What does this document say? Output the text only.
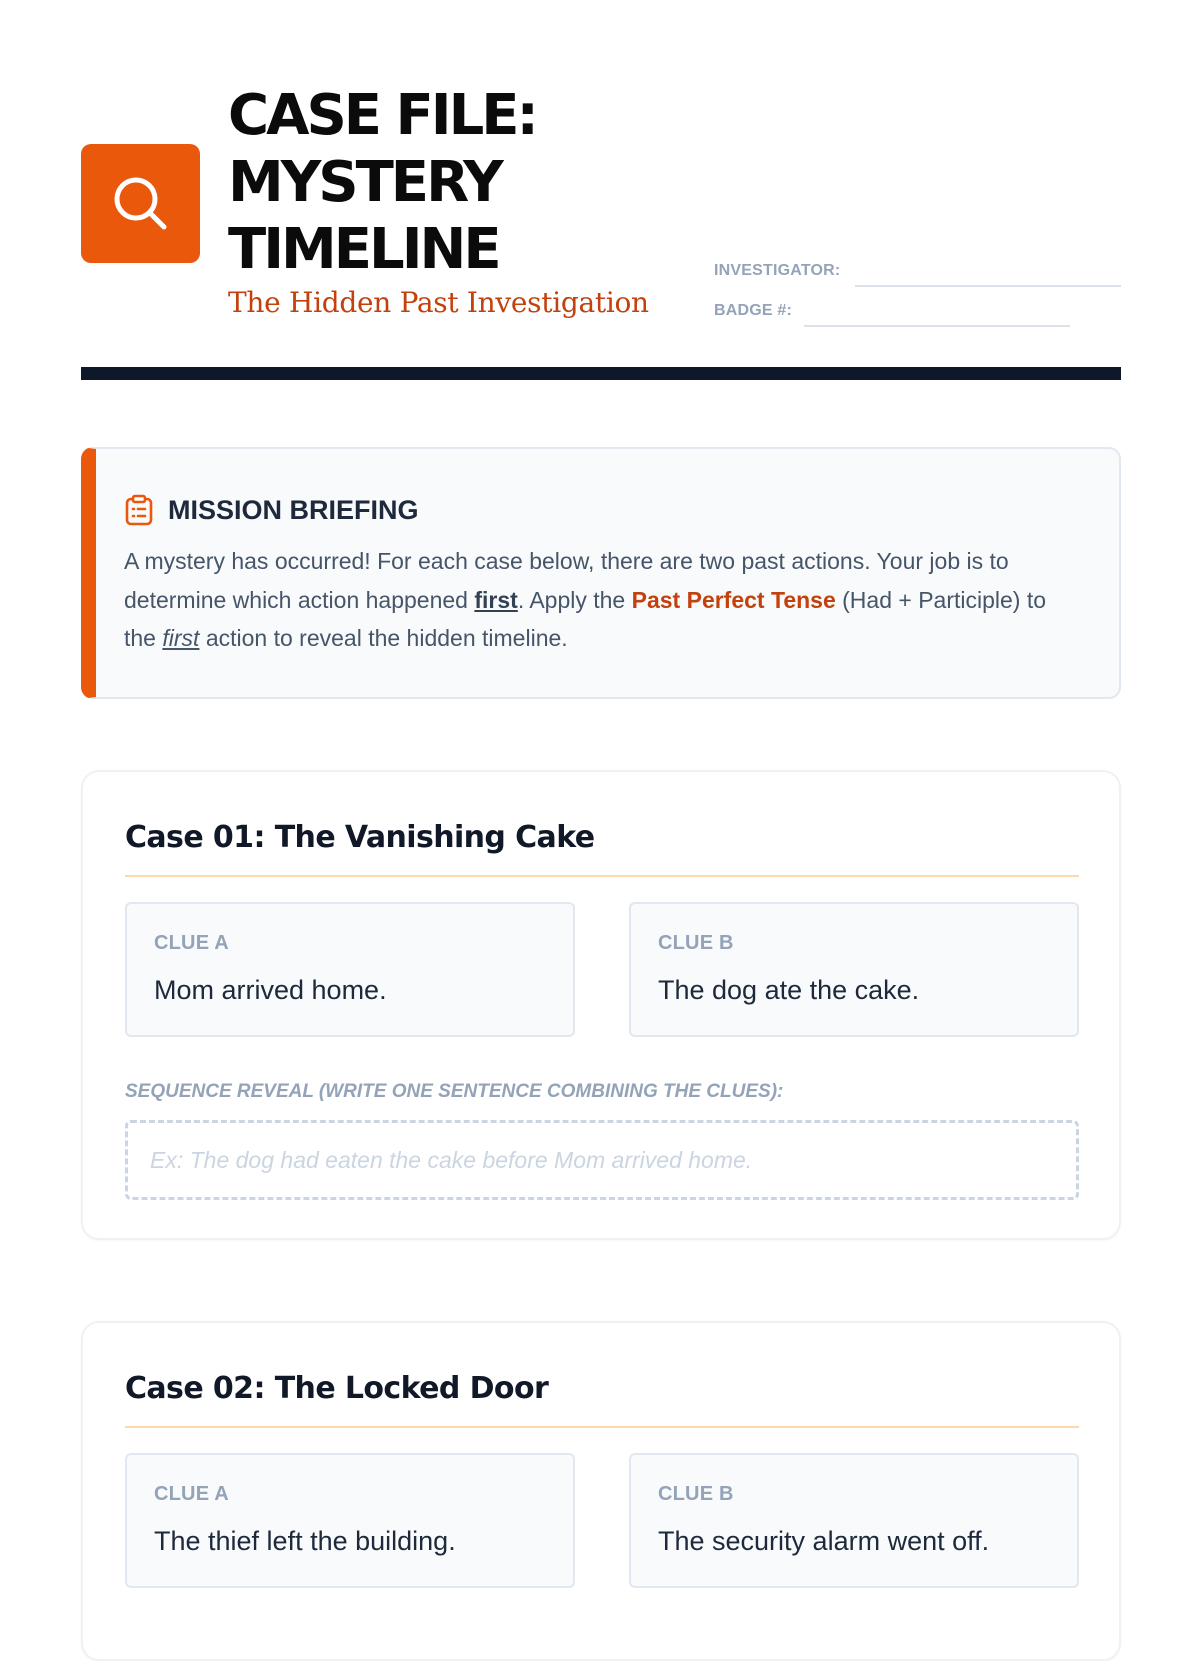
CASE FILE:
MYSTERY
TIMELINE
The Hidden Past Investigation
INVESTIGATOR:
BADGE #:
MISSION BRIEFING

A mystery has occurred! For each case below, there are two past actions. Your job is to determine which action happened first. Apply the Past Perfect Tense (Had + Participle) to the first action to reveal the hidden timeline.

Case 01: The Vanishing Cake
CLUE A
Mom arrived home.
CLUE B
The dog ate the cake.
SEQUENCE REVEAL (WRITE ONE SENTENCE COMBINING THE CLUES):
Ex: The dog had eaten the cake before Mom arrived home.
Case 02: The Locked Door
CLUE A
The thief left the building.
CLUE B
The security alarm went off.
